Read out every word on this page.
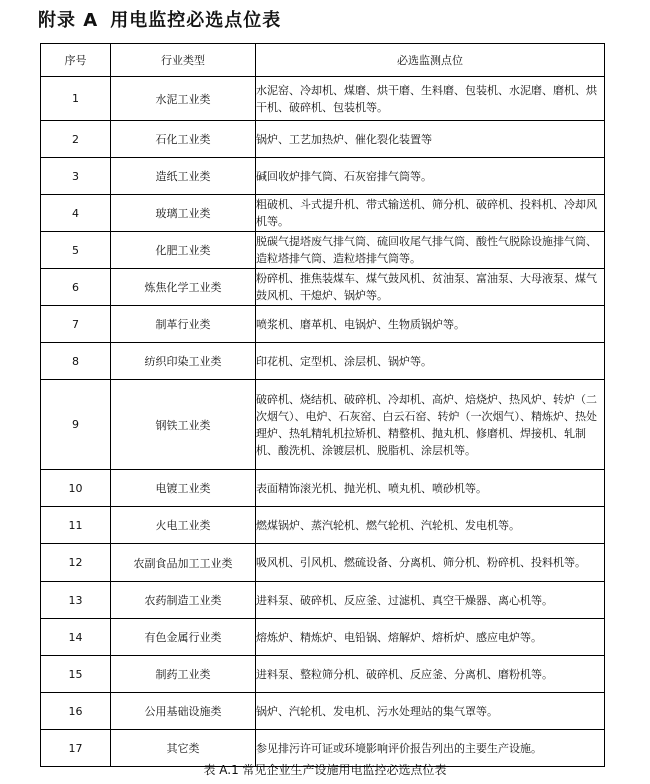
附录 A 用电监控必选点位表
序号	行业类型	必选监测点位
1	水泥工业类	水泥窑、冷却机、煤磨、烘干磨、生料磨、包装机、水泥磨、磨机、烘干机、破碎机、包装机等。
2	石化工业类	锅炉、工艺加热炉、催化裂化装置等
3	造纸工业类	碱回收炉排气筒、石灰窑排气筒等。
4	玻璃工业类	粗破机、斗式提升机、带式输送机、筛分机、破碎机、投料机、冷却风机等。
5	化肥工业类	脱碳气提塔废气排气筒、硫回收尾气排气筒、酸性气脱除设施排气筒、造粒塔排气筒、造粒塔排气筒等。
6	炼焦化学工业类	粉碎机、推焦装煤车、煤气鼓风机、贫油泵、富油泵、大母液泵、煤气鼓风机、干熄炉、锅炉等。
7	制革行业类	喷浆机、磨革机、电锅炉、生物质锅炉等。
8	纺织印染工业类	印花机、定型机、涂层机、锅炉等。
9	钢铁工业类	破碎机、烧结机、破碎机、冷却机、高炉、焙烧炉、热风炉、转炉（二次烟气）、电炉、石灰窑、白云石窑、转炉（一次烟气）、精炼炉、热处理炉、热轧精轧机拉矫机、精整机、抛丸机、修磨机、焊接机、轧制机、酸洗机、涂镀层机、脱脂机、涂层机等。
10	电镀工业类	表面精饰滚光机、抛光机、喷丸机、喷砂机等。
11	火电工业类	燃煤锅炉、蒸汽轮机、燃气轮机、汽轮机、发电机等。
12	农副食品加工工业类	吸风机、引风机、燃硫设备、分离机、筛分机、粉碎机、投料机等。
13	农药制造工业类	进料泵、破碎机、反应釜、过滤机、真空干燥器、离心机等。
14	有色金属行业类	熔炼炉、精炼炉、电铅锅、熔解炉、熔析炉、感应电炉等。
15	制药工业类	进料泵、整粒筛分机、破碎机、反应釜、分离机、磨粉机等。
16	公用基础设施类	锅炉、汽轮机、发电机、污水处理站的集气罩等。
17	其它类	参见排污许可证或环境影响评价报告列出的主要生产设施。
表 A.1 常见企业生产设施用电监控必选点位表
